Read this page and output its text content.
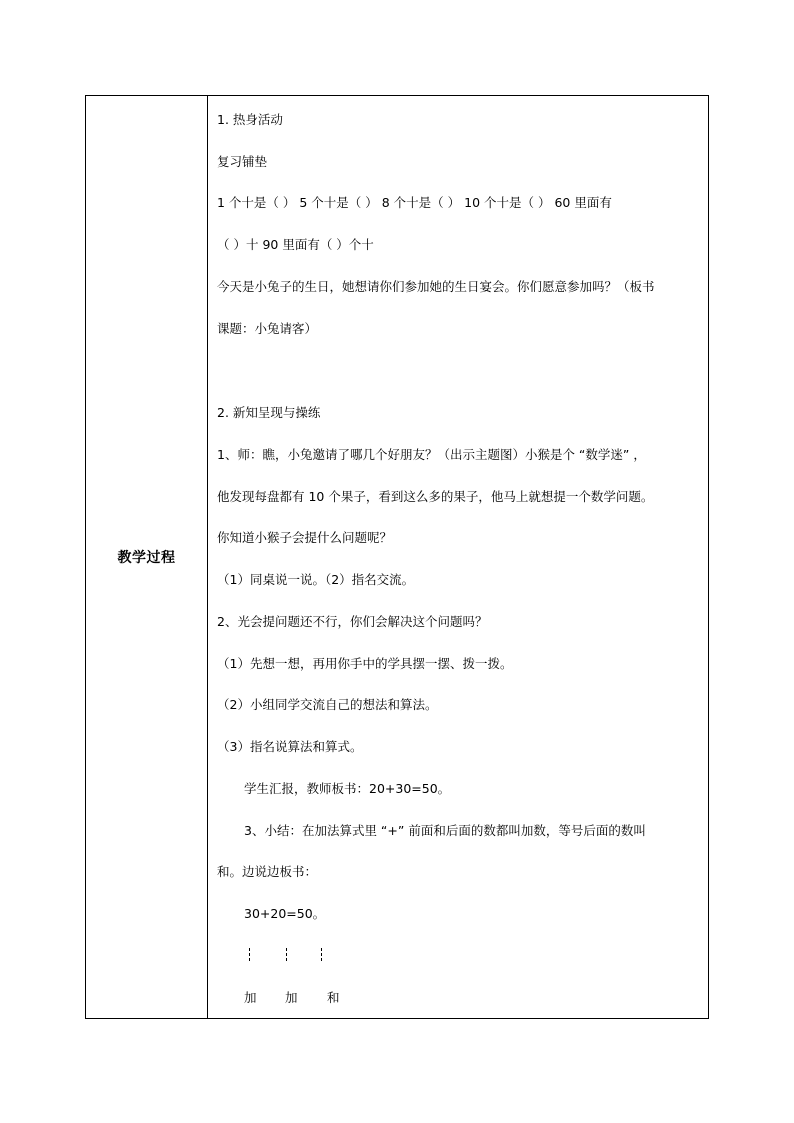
教学过程
1. 热身活动
复习铺垫
1 个十是（ ） 5 个十是（ ） 8 个十是（ ） 10 个十是（ ） 60 里面有
（ ）十 90 里面有（ ）个十
今天是小兔子的生日，她想请你们参加她的生日宴会。你们愿意参加吗？（板书
课题：小兔请客）
2. 新知呈现与操练
1、师：瞧，小兔邀请了哪几个好朋友？（出示主题图）小猴是个 “数学迷” ，
他发现每盘都有 10 个果子，看到这么多的果子，他马上就想提一个数学问题。
你知道小猴子会提什么问题呢？
（1）同桌说一说。（2）指名交流。
2、光会提问题还不行，你们会解决这个问题吗？
（1）先想一想，再用你手中的学具摆一摆、拨一拨。
（2）小组同学交流自己的想法和算法。
（3）指名说算法和算式。
学生汇报，教师板书：20+30=50。
3、小结：在加法算式里 “+” 前面和后面的数都叫加数，等号后面的数叫
和。边说边板书：
30+20=50。
加 加 和
